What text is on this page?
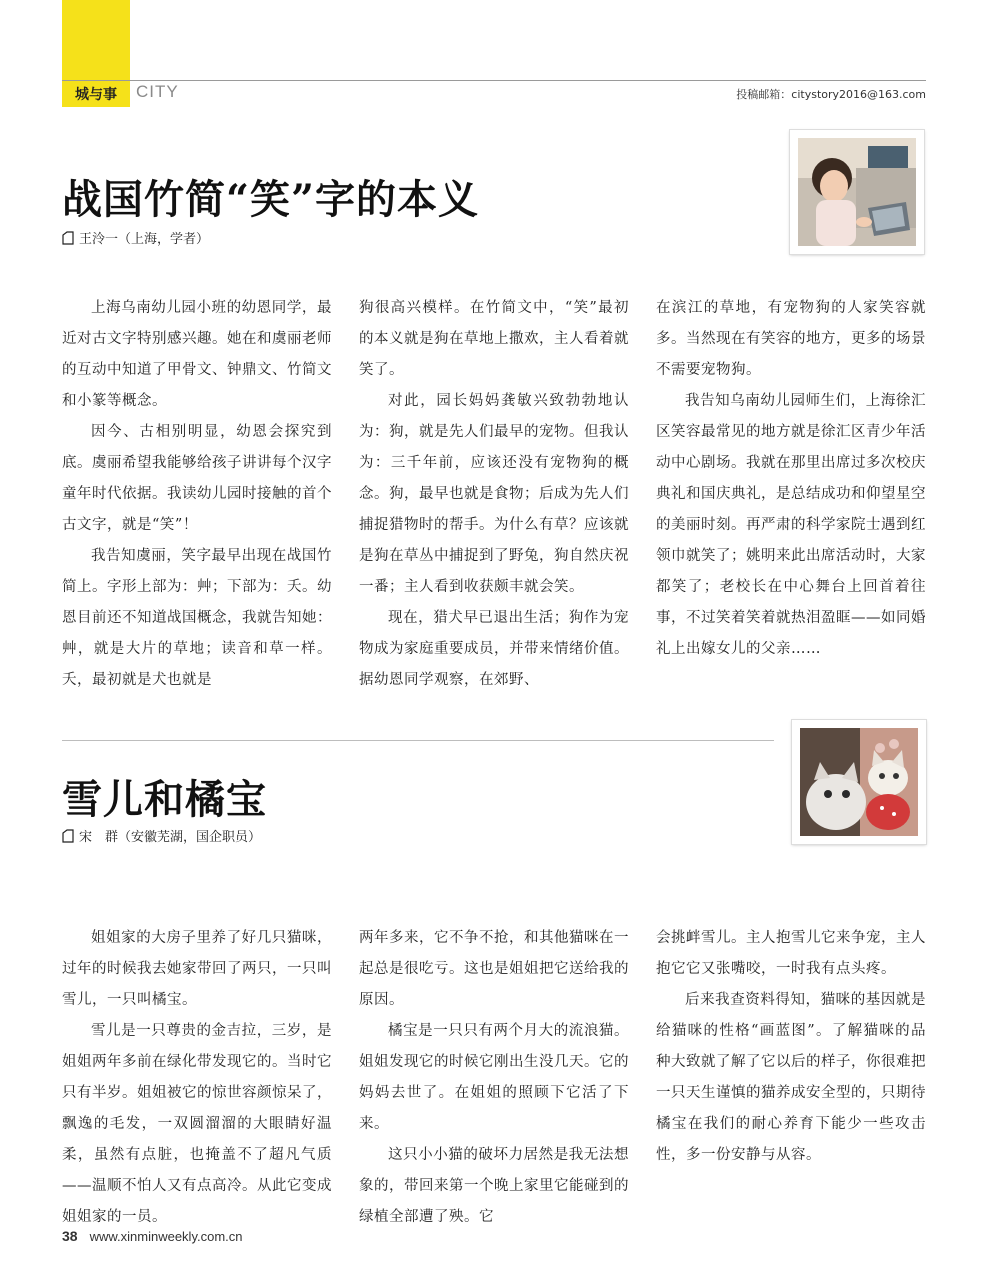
城与事	CITY	投稿邮箱：citystory2016@163.com
战国竹简“笑”字的本义
王泠一（上海，学者）

上海乌南幼儿园小班的幼恩同学，最近对古文字特别感兴趣。她在和虞丽老师的互动中知道了甲骨文、钟鼎文、竹简文和小篆等概念。

因今、古相别明显，幼恩会探究到底。虞丽希望我能够给孩子讲讲每个汉字童年时代依据。我读幼儿园时接触的首个古文字，就是“笑”！

我告知虞丽，笑字最早出现在战国竹简上。字形上部为：艸；下部为：夭。幼恩目前还不知道战国概念，我就告知她：艸，就是大片的草地；读音和草一样。夭，最初就是犬也就是

狗很高兴模样。在竹简文中，“笑”最初的本义就是狗在草地上撒欢，主人看着就笑了。

对此，园长妈妈龚敏兴致勃勃地认为：狗，就是先人们最早的宠物。但我认为：三千年前，应该还没有宠物狗的概念。狗，最早也就是食物；后成为先人们捕捉猎物时的帮手。为什么有草？应该就是狗在草丛中捕捉到了野兔，狗自然庆祝一番；主人看到收获颇丰就会笑。

现在，猎犬早已退出生活；狗作为宠物成为家庭重要成员，并带来情绪价值。据幼恩同学观察，在郊野、

在滨江的草地，有宠物狗的人家笑容就多。当然现在有笑容的地方，更多的场景不需要宠物狗。

我告知乌南幼儿园师生们，上海徐汇区笑容最常见的地方就是徐汇区青少年活动中心剧场。我就在那里出席过多次校庆典礼和国庆典礼，是总结成功和仰望星空的美丽时刻。再严肃的科学家院士遇到红领巾就笑了；姚明来此出席活动时，大家都笑了；老校长在中心舞台上回首着往事，不过笑着笑着就热泪盈眶——如同婚礼上出嫁女儿的父亲……

雪儿和橘宝
宋　群（安徽芜湖，国企职员）

姐姐家的大房子里养了好几只猫咪，过年的时候我去她家带回了两只，一只叫雪儿，一只叫橘宝。

雪儿是一只尊贵的金吉拉，三岁，是姐姐两年多前在绿化带发现它的。当时它只有半岁。姐姐被它的惊世容颜惊呆了，飘逸的毛发，一双圆溜溜的大眼睛好温柔，虽然有点脏，也掩盖不了超凡气质——温顺不怕人又有点高冷。从此它变成姐姐家的一员。

两年多来，它不争不抢，和其他猫咪在一起总是很吃亏。这也是姐姐把它送给我的原因。

橘宝是一只只有两个月大的流浪猫。姐姐发现它的时候它刚出生没几天。它的妈妈去世了。在姐姐的照顾下它活了下来。

这只小小猫的破坏力居然是我无法想象的，带回来第一个晚上家里它能碰到的绿植全部遭了殃。它

会挑衅雪儿。主人抱雪儿它来争宠，主人抱它它又张嘴咬，一时我有点头疼。

后来我查资料得知，猫咪的基因就是给猫咪的性格“画蓝图”。了解猫咪的品种大致就了解了它以后的样子，你很难把一只天生谨慎的猫养成安全型的，只期待橘宝在我们的耐心养育下能少一些攻击性，多一份安静与从容。

38 www.xinminweekly.com.cn
